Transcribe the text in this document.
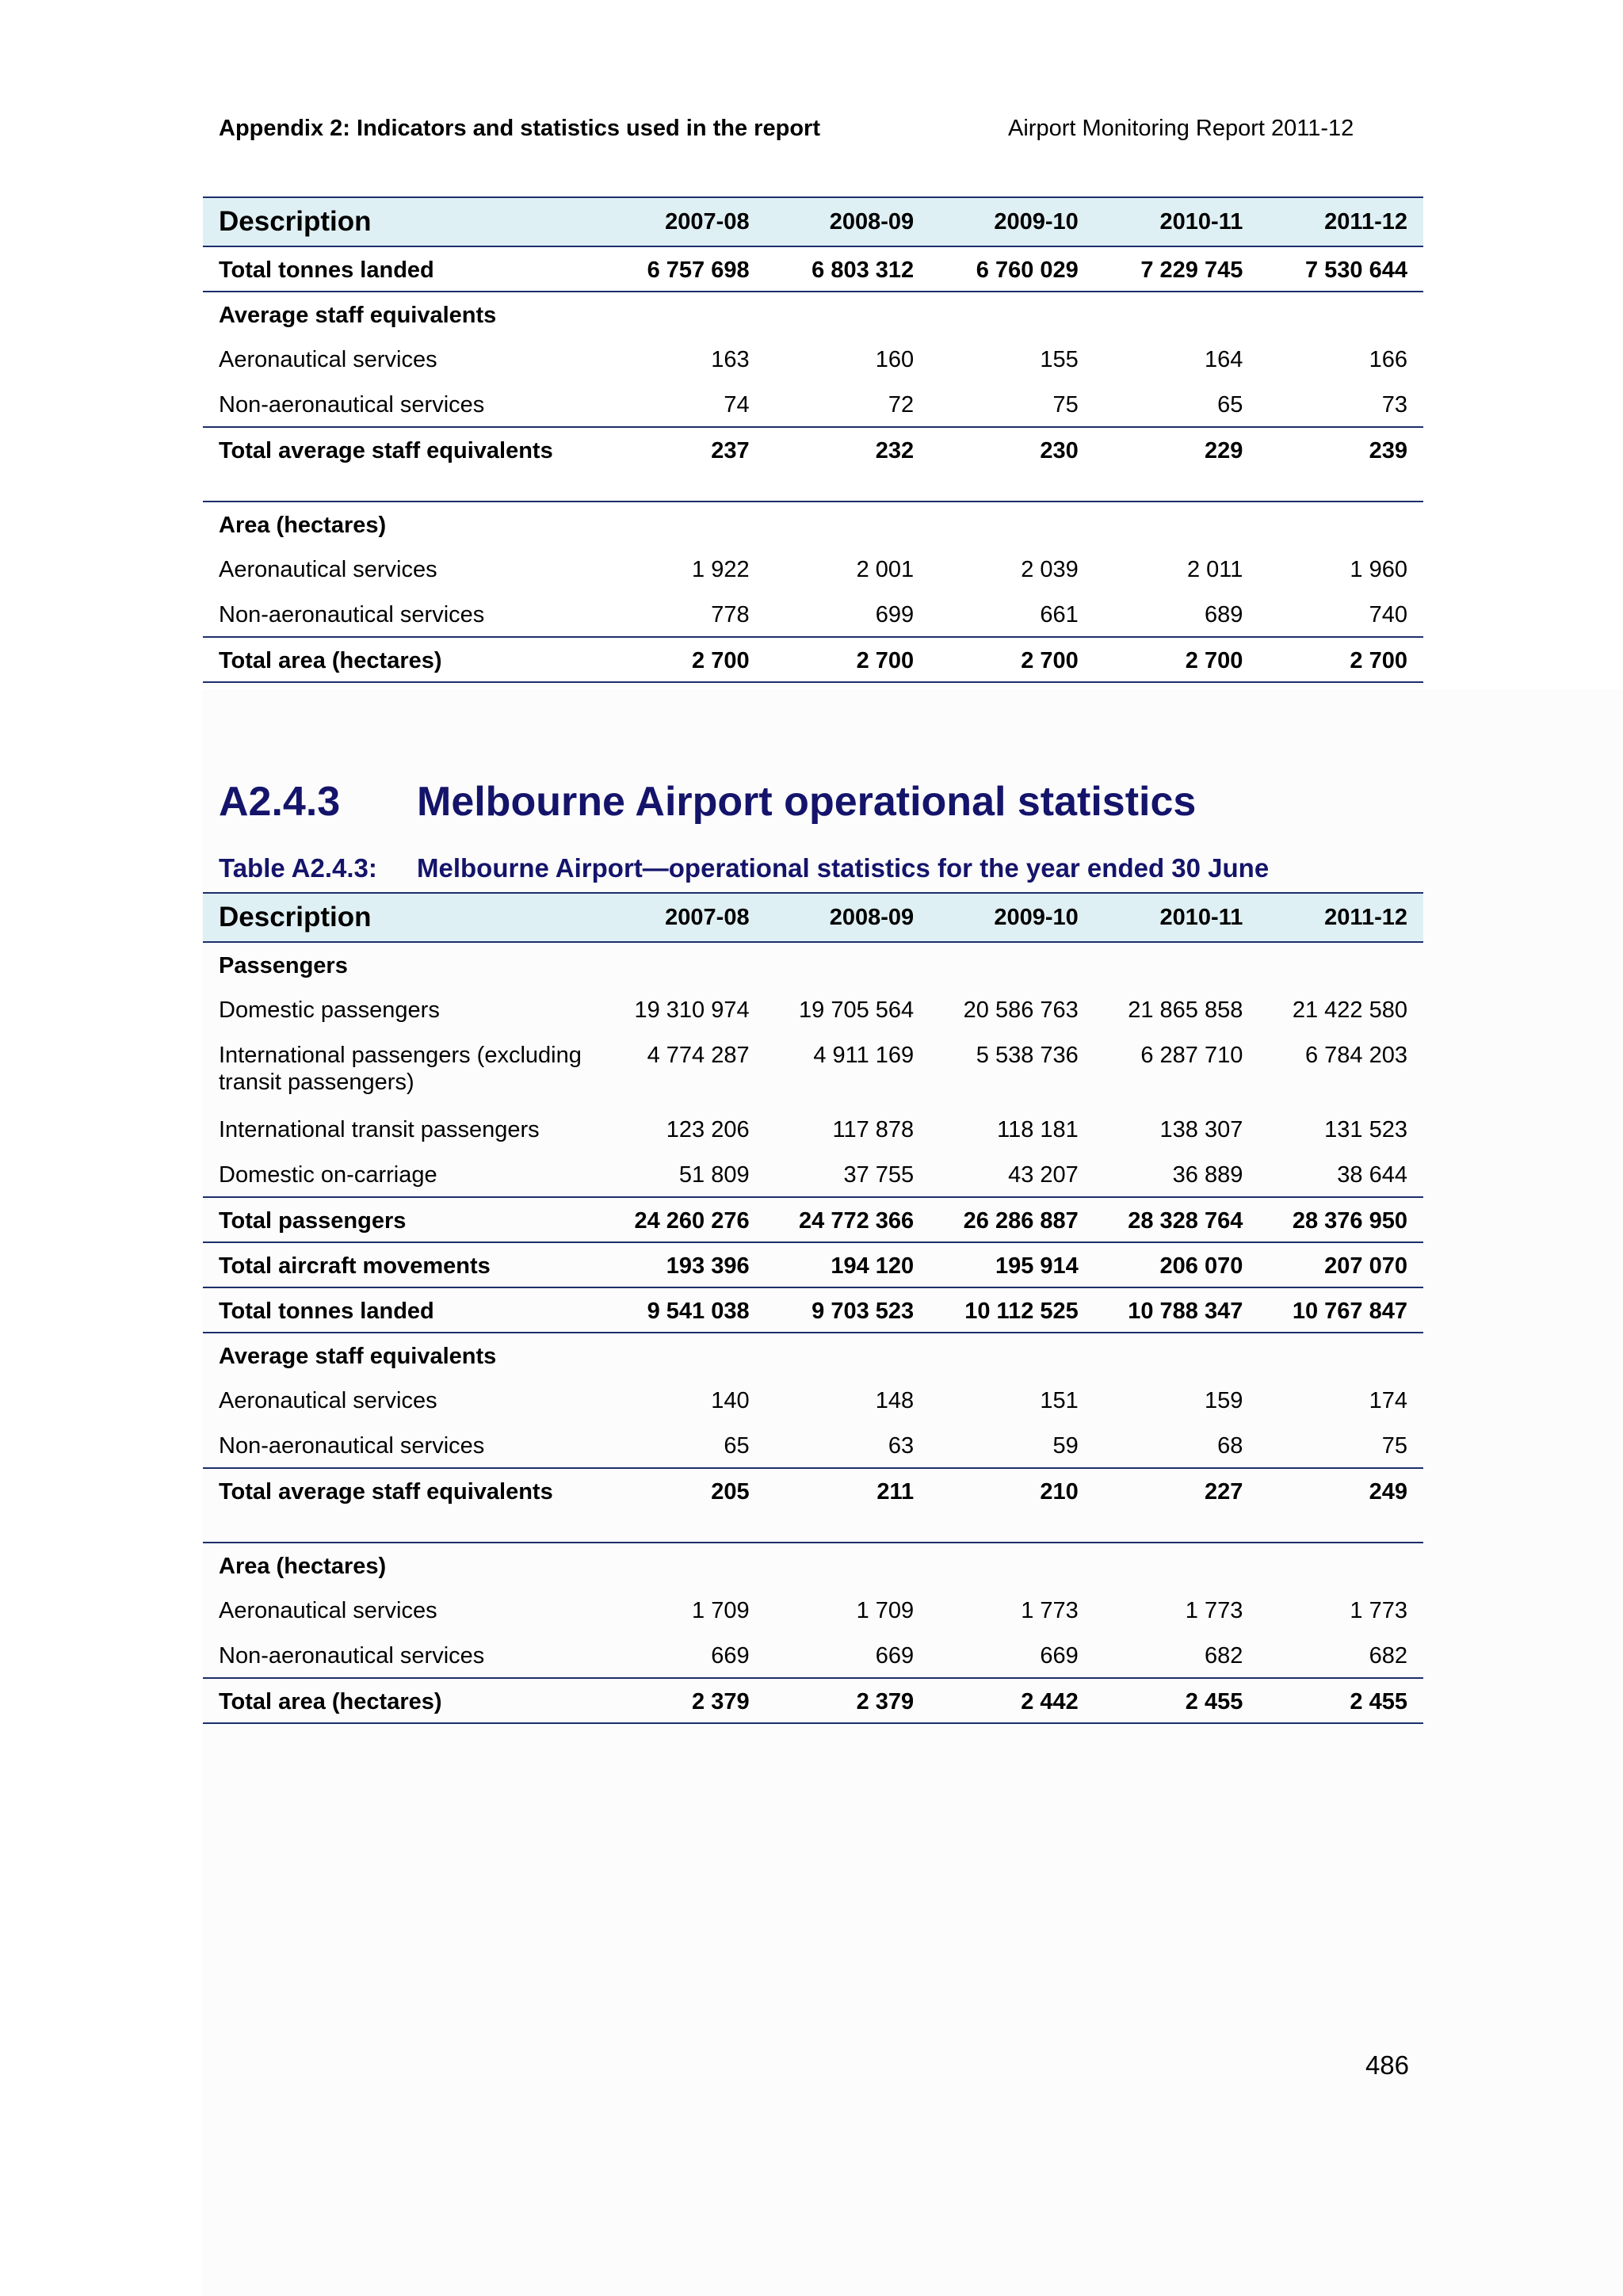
Appendix 2: Indicators and statistics used in the report	Airport Monitoring Report 2011-12
Description	2007-08	2008-09	2009-10	2010-11	2011-12
Total tonnes landed	6 757 698	6 803 312	6 760 029	7 229 745	7 530 644
Average staff equivalents					
Aeronautical services	163	160	155	164	166
Non-aeronautical services	74	72	75	65	73
Total average staff equivalents	237	232	230	229	239
Area (hectares)					
Aeronautical services	1 922	2 001	2 039	2 011	1 960
Non-aeronautical services	778	699	661	689	740
Total area (hectares)	2 700	2 700	2 700	2 700	2 700
A2.4.3 Melbourne Airport operational statistics
Table A2.4.3: Melbourne Airport—operational statistics for the year ended 30 June
Description	2007-08	2008-09	2009-10	2010-11	2011-12
Passengers					
Domestic passengers	19 310 974	19 705 564	20 586 763	21 865 858	21 422 580
International passengers (excluding transit passengers)	4 774 287	4 911 169	5 538 736	6 287 710	6 784 203
International transit passengers	123 206	117 878	118 181	138 307	131 523
Domestic on-carriage	51 809	37 755	43 207	36 889	38 644
Total passengers	24 260 276	24 772 366	26 286 887	28 328 764	28 376 950
Total aircraft movements	193 396	194 120	195 914	206 070	207 070
Total tonnes landed	9 541 038	9 703 523	10 112 525	10 788 347	10 767 847
Average staff equivalents					
Aeronautical services	140	148	151	159	174
Non-aeronautical services	65	63	59	68	75
Total average staff equivalents	205	211	210	227	249
Area (hectares)					
Aeronautical services	1 709	1 709	1 773	1 773	1 773
Non-aeronautical services	669	669	669	682	682
Total area (hectares)	2 379	2 379	2 442	2 455	2 455
486
